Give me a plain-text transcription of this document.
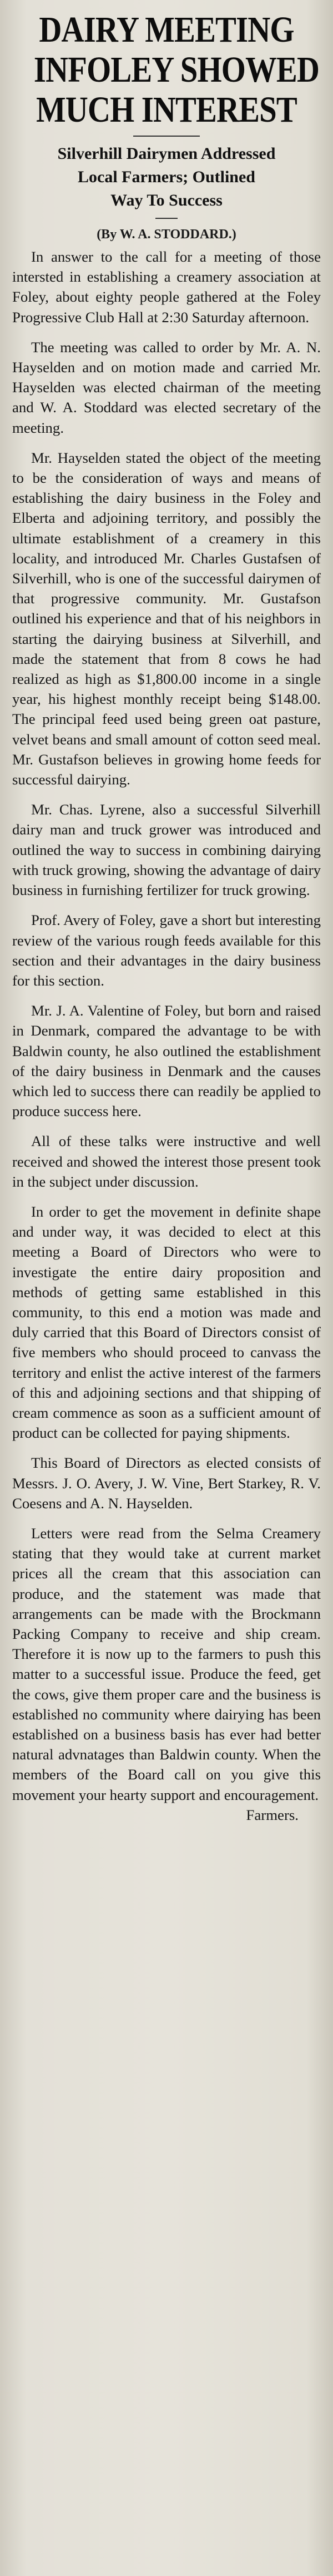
DAIRY MEETING
INFOLEY SHOWED
MUCH INTEREST
Silverhill Dairymen Addressed
Local Farmers; Outlined
Way To Success
(By W. A. STODDARD.)

In answer to the call for a meeting of those intersted in establishing a creamery association at Foley, about eighty people gathered at the Foley Progressive Club Hall at 2:30 Saturday afternoon.

The meeting was called to order by Mr. A. N. Hayselden and on motion made and carried Mr. Hayselden was elected chairman of the meeting and W. A. Stoddard was elected secretary of the meeting.

Mr. Hayselden stated the object of the meeting to be the consideration of ways and means of establishing the dairy business in the Foley and Elberta and adjoining territory, and possibly the ultimate establishment of a creamery in this locality, and introduced Mr. Charles Gustafsen of Silverhill, who is one of the successful dairymen of that progressive community. Mr. Gustafson outlined his experience and that of his neighbors in starting the dairying business at Silverhill, and made the statement that from 8 cows he had realized as high as $1,800.00 income in a single year, his highest monthly receipt being $148.00. The principal feed used being green oat pasture, velvet beans and small amount of cotton seed meal. Mr. Gustafson believes in growing home feeds for successful dairying.

Mr. Chas. Lyrene, also a successful Silverhill dairy man and truck grower was introduced and outlined the way to success in combining dairying with truck growing, showing the advantage of dairy business in furnishing fertilizer for truck growing.

Prof. Avery of Foley, gave a short but interesting review of the various rough feeds available for this section and their advantages in the dairy business for this section.

Mr. J. A. Valentine of Foley, but born and raised in Denmark, compared the advantage to be with Baldwin county, he also outlined the establishment of the dairy business in Denmark and the causes which led to success there can readily be applied to produce success here.

All of these talks were instructive and well received and showed the interest those present took in the subject under discussion.

In order to get the movement in definite shape and under way, it was decided to elect at this meeting a Board of Directors who were to investigate the entire dairy proposition and methods of getting same established in this community, to this end a motion was made and duly carried that this Board of Directors consist of five members who should proceed to canvass the territory and enlist the active interest of the farmers of this and adjoining sections and that shipping of cream commence as soon as a sufficient amount of product can be collected for paying shipments.

This Board of Directors as elected consists of Messrs. J. O. Avery, J. W. Vine, Bert Starkey, R. V. Coesens and A. N. Hayselden.

Letters were read from the Selma Creamery stating that they would take at current market prices all the cream that this association can produce, and the statement was made that arrangements can be made with the Brockmann Packing Company to receive and ship cream. Therefore it is now up to the farmers to push this matter to a successful issue. Produce the feed, get the cows, give them proper care and the business is established no community where dairying has been established on a business basis has ever had better natural advnatages than Baldwin county. When the members of the Board call on you give this movement your hearty support and encouragement.

Farmers.
